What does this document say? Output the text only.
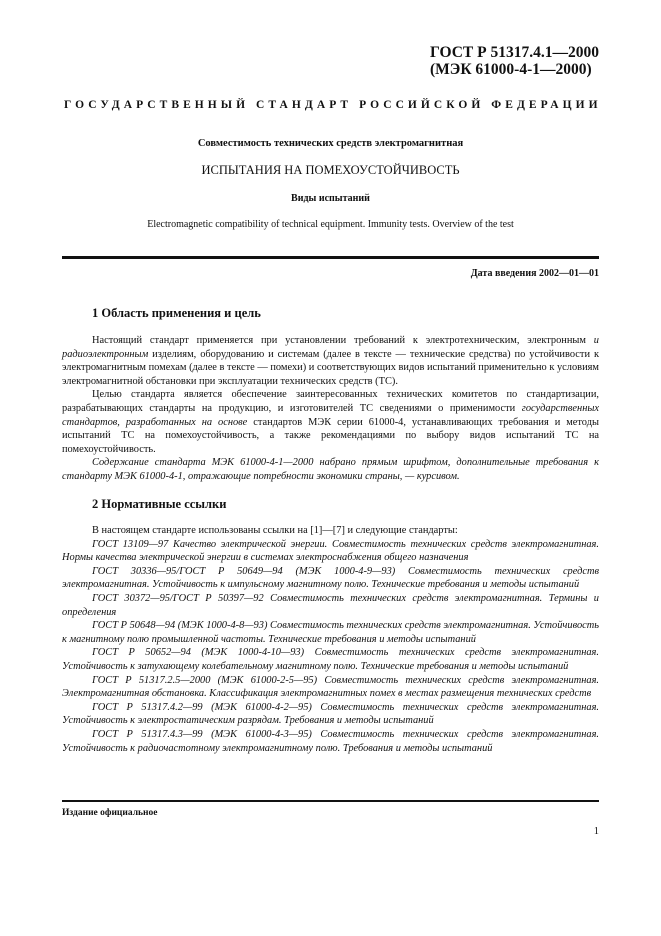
ГОСТ Р 51317.4.1—2000
(МЭК 61000-4-1—2000)
ГОСУДАРСТВЕННЫЙ СТАНДАРТ РОССИЙСКОЙ ФЕДЕРАЦИИ
Совместимость технических средств электромагнитная
ИСПЫТАНИЯ НА ПОМЕХОУСТОЙЧИВОСТЬ
Виды испытаний
Electromagnetic compatibility of technical equipment. Immunity tests. Overview of the test
Дата введения 2002—01—01
1 Область применения и цель

Настоящий стандарт применяется при установлении требований к электротехническим, электронным и радиоэлектронным изделиям, оборудованию и системам (далее в тексте — технические средства) по устойчивости к электромагнитным помехам (далее в тексте — помехи) и соответствующих видов испытаний применительно к условиям электромагнитной обстановки при эксплуатации технических средств (ТС).

Целью стандарта является обеспечение заинтересованных технических комитетов по стандартизации, разрабатывающих стандарты на продукцию, и изготовителей ТС сведениями о применимости государственных стандартов, разработанных на основе стандартов МЭК серии 61000-4, устанавливающих требования и методы испытаний ТС на помехоустойчивость, а также рекомендациями по выбору видов испытаний ТС на помехоустойчивость.

Содержание стандарта МЭК 61000-4-1—2000 набрано прямым шрифтом, дополнительные требования к стандарту МЭК 61000-4-1, отражающие потребности экономики страны, — курсивом.

2 Нормативные ссылки

В настоящем стандарте использованы ссылки на [1]—[7] и следующие стандарты:

ГОСТ 13109—97 Качество электрической энергии. Совместимость технических средств электромагнитная. Нормы качества электрической энергии в системах электроснабжения общего назначения

ГОСТ 30336—95/ГОСТ Р 50649—94 (МЭК 1000-4-9—93) Совместимость технических средств электромагнитная. Устойчивость к импульсному магнитному полю. Технические требования и методы испытаний

ГОСТ 30372—95/ГОСТ Р 50397—92 Совместимость технических средств электромагнитная. Термины и определения

ГОСТ Р 50648—94 (МЭК 1000-4-8—93) Совместимость технических средств электромагнитная. Устойчивость к магнитному полю промышленной частоты. Технические требования и методы испытаний

ГОСТ Р 50652—94 (МЭК 1000-4-10—93) Совместимость технических средств электромагнитная. Устойчивость к затухающему колебательному магнитному полю. Технические требования и методы испытаний

ГОСТ Р 51317.2.5—2000 (МЭК 61000-2-5—95) Совместимость технических средств электромагнитная. Электромагнитная обстановка. Классификация электромагнитных помех в местах размещения технических средств

ГОСТ Р 51317.4.2—99 (МЭК 61000-4-2—95) Совместимость технических средств электромагнитная. Устойчивость к электростатическим разрядам. Требования и методы испытаний

ГОСТ Р 51317.4.3—99 (МЭК 61000-4-3—95) Совместимость технических средств электромагнитная. Устойчивость к радиочастотному электромагнитному полю. Требования и методы испытаний

Издание официальное
1
